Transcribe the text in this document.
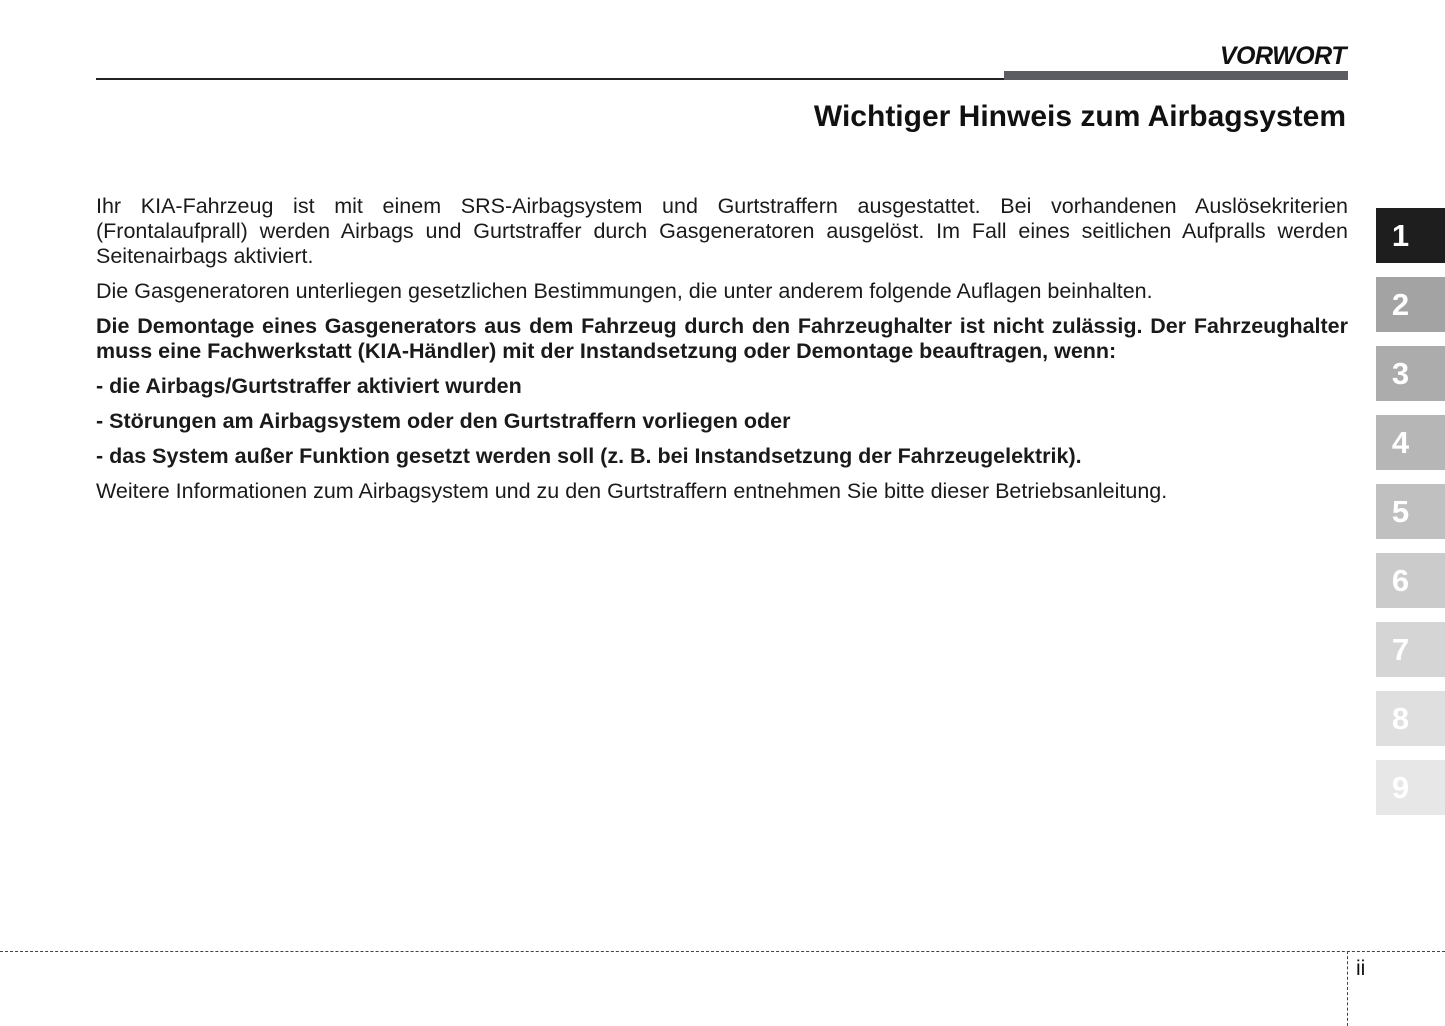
VORWORT
Wichtiger Hinweis zum Airbagsystem

Ihr KIA-Fahrzeug ist mit einem SRS-Airbagsystem und Gurtstraffern ausgestattet. Bei vorhandenen Auslösekriterien (Frontalaufprall) werden Airbags und Gurtstraffer durch Gasgeneratoren ausgelöst. Im Fall eines seitlichen Aufpralls werden Seitenairbags aktiviert.

Die Gasgeneratoren unterliegen gesetzlichen Bestimmungen, die unter anderem folgende Auflagen beinhalten.

Die Demontage eines Gasgenerators aus dem Fahrzeug durch den Fahrzeughalter ist nicht zulässig. Der Fahrzeughalter muss eine Fachwerkstatt (KIA-Händler) mit der Instandsetzung oder Demontage beauftragen, wenn:

- die Airbags/Gurtstraffer aktiviert wurden

- Störungen am Airbagsystem oder den Gurtstraffern vorliegen oder

- das System außer Funktion gesetzt werden soll (z. B. bei Instandsetzung der Fahrzeugelektrik).

Weitere Informationen zum Airbagsystem und zu den Gurtstraffern entnehmen Sie bitte dieser Betriebsanleitung.

1
2
3
4
5
6
7
8
9
ii
